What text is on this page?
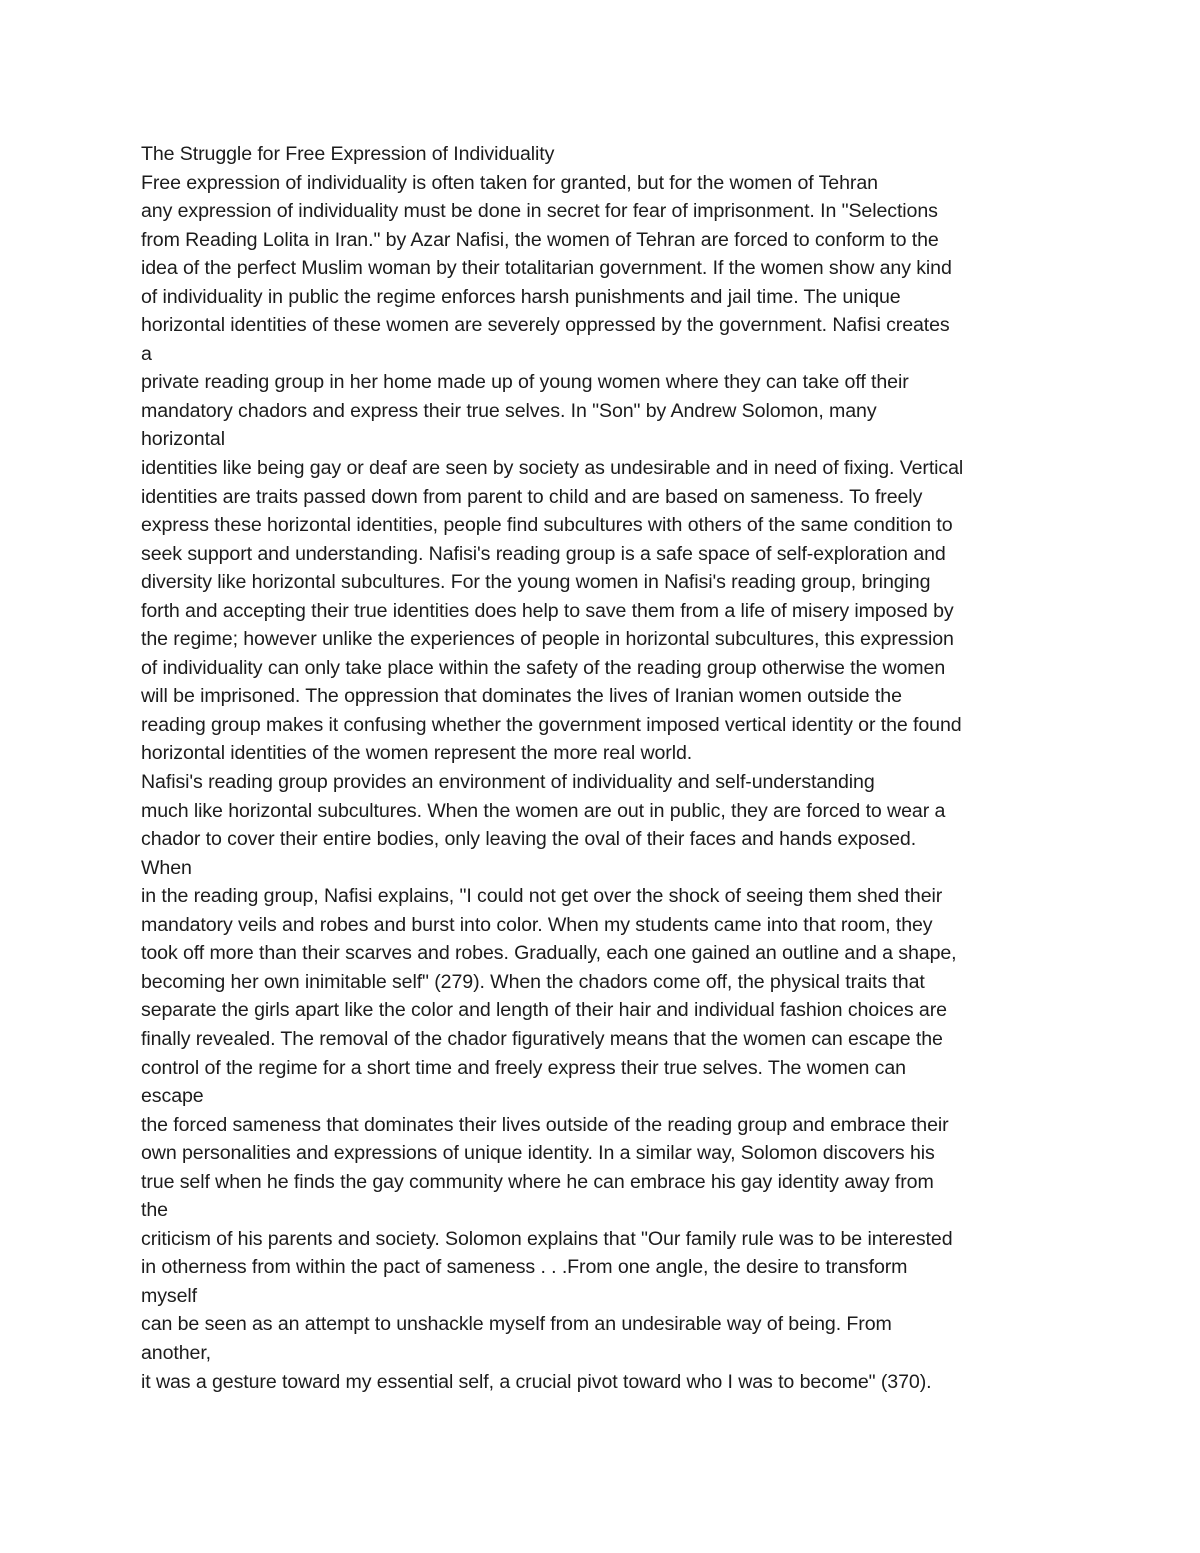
The Struggle for Free Expression of Individuality
Free expression of individuality is often taken for granted, but for the women of Tehran
any expression of individuality must be done in secret for fear of imprisonment. In "Selections
from Reading Lolita in Iran." by Azar Nafisi, the women of Tehran are forced to conform to the
idea of the perfect Muslim woman by their totalitarian government. If the women show any kind
of individuality in public the regime enforces harsh punishments and jail time. The unique
horizontal identities of these women are severely oppressed by the government. Nafisi creates
a
private reading group in her home made up of young women where they can take off their
mandatory chadors and express their true selves. In "Son" by Andrew Solomon, many
horizontal
identities like being gay or deaf are seen by society as undesirable and in need of fixing. Vertical
identities are traits passed down from parent to child and are based on sameness. To freely
express these horizontal identities, people find subcultures with others of the same condition to
seek support and understanding. Nafisi's reading group is a safe space of self-exploration and
diversity like horizontal subcultures. For the young women in Nafisi's reading group, bringing
forth and accepting their true identities does help to save them from a life of misery imposed by
the regime; however unlike the experiences of people in horizontal subcultures, this expression
of individuality can only take place within the safety of the reading group otherwise the women
will be imprisoned. The oppression that dominates the lives of Iranian women outside the
reading group makes it confusing whether the government imposed vertical identity or the found
horizontal identities of the women represent the more real world.
Nafisi's reading group provides an environment of individuality and self-understanding
much like horizontal subcultures. When the women are out in public, they are forced to wear a
chador to cover their entire bodies, only leaving the oval of their faces and hands exposed.
When
in the reading group, Nafisi explains, "I could not get over the shock of seeing them shed their
mandatory veils and robes and burst into color. When my students came into that room, they
took off more than their scarves and robes. Gradually, each one gained an outline and a shape,
becoming her own inimitable self" (279). When the chadors come off, the physical traits that
separate the girls apart like the color and length of their hair and individual fashion choices are
finally revealed. The removal of the chador figuratively means that the women can escape the
control of the regime for a short time and freely express their true selves. The women can
escape
the forced sameness that dominates their lives outside of the reading group and embrace their
own personalities and expressions of unique identity. In a similar way, Solomon discovers his
true self when he finds the gay community where he can embrace his gay identity away from
the
criticism of his parents and society. Solomon explains that "Our family rule was to be interested
in otherness from within the pact of sameness . . .From one angle, the desire to transform
myself
can be seen as an attempt to unshackle myself from an undesirable way of being. From
another,
it was a gesture toward my essential self, a crucial pivot toward who I was to become" (370).
